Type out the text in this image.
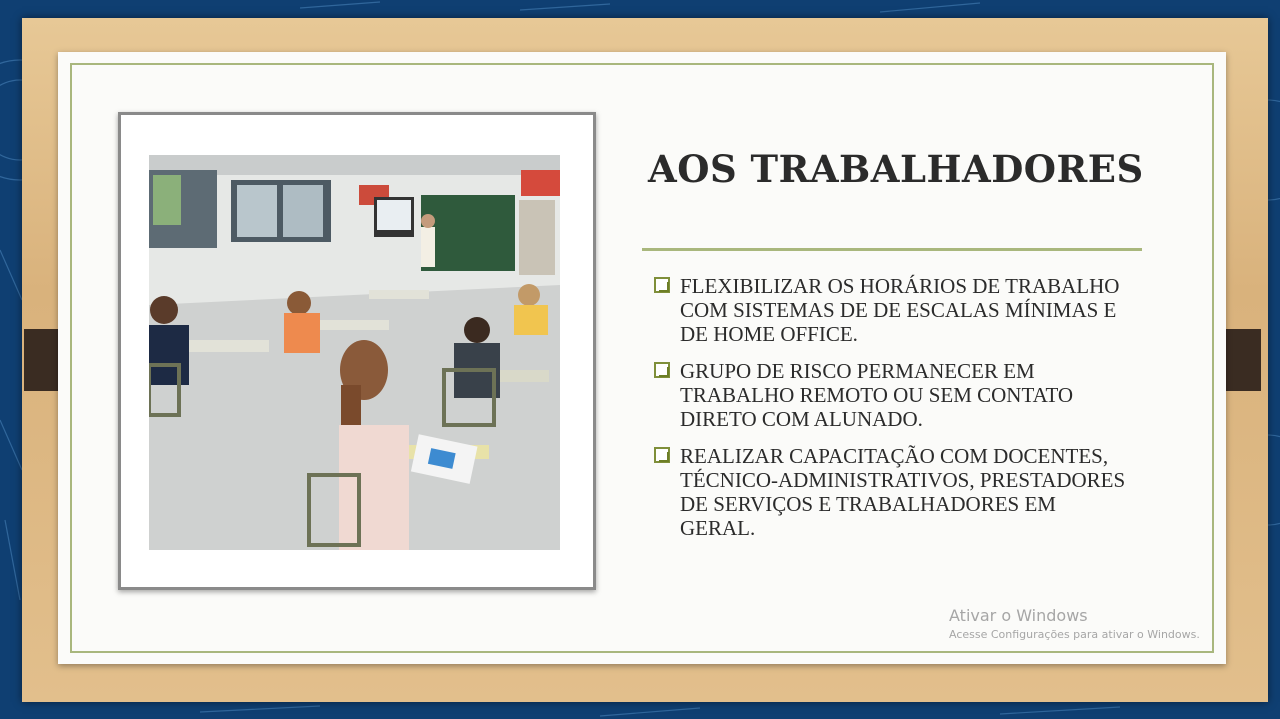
AOS TRABALHADORES
FLEXIBILIZAR OS HORÁRIOS DE TRABALHO COM SISTEMAS DE DE ESCALAS MÍNIMAS E DE HOME OFFICE.
GRUPO DE RISCO PERMANECER EM TRABALHO REMOTO OU SEM CONTATO DIRETO COM ALUNADO.
REALIZAR CAPACITAÇÃO COM DOCENTES, TÉCNICO-ADMINISTRATIVOS, PRESTADORES DE SERVIÇOS E TRABALHADORES EM GERAL.
Ativar o Windows
Acesse Configurações para ativar o Windows.
